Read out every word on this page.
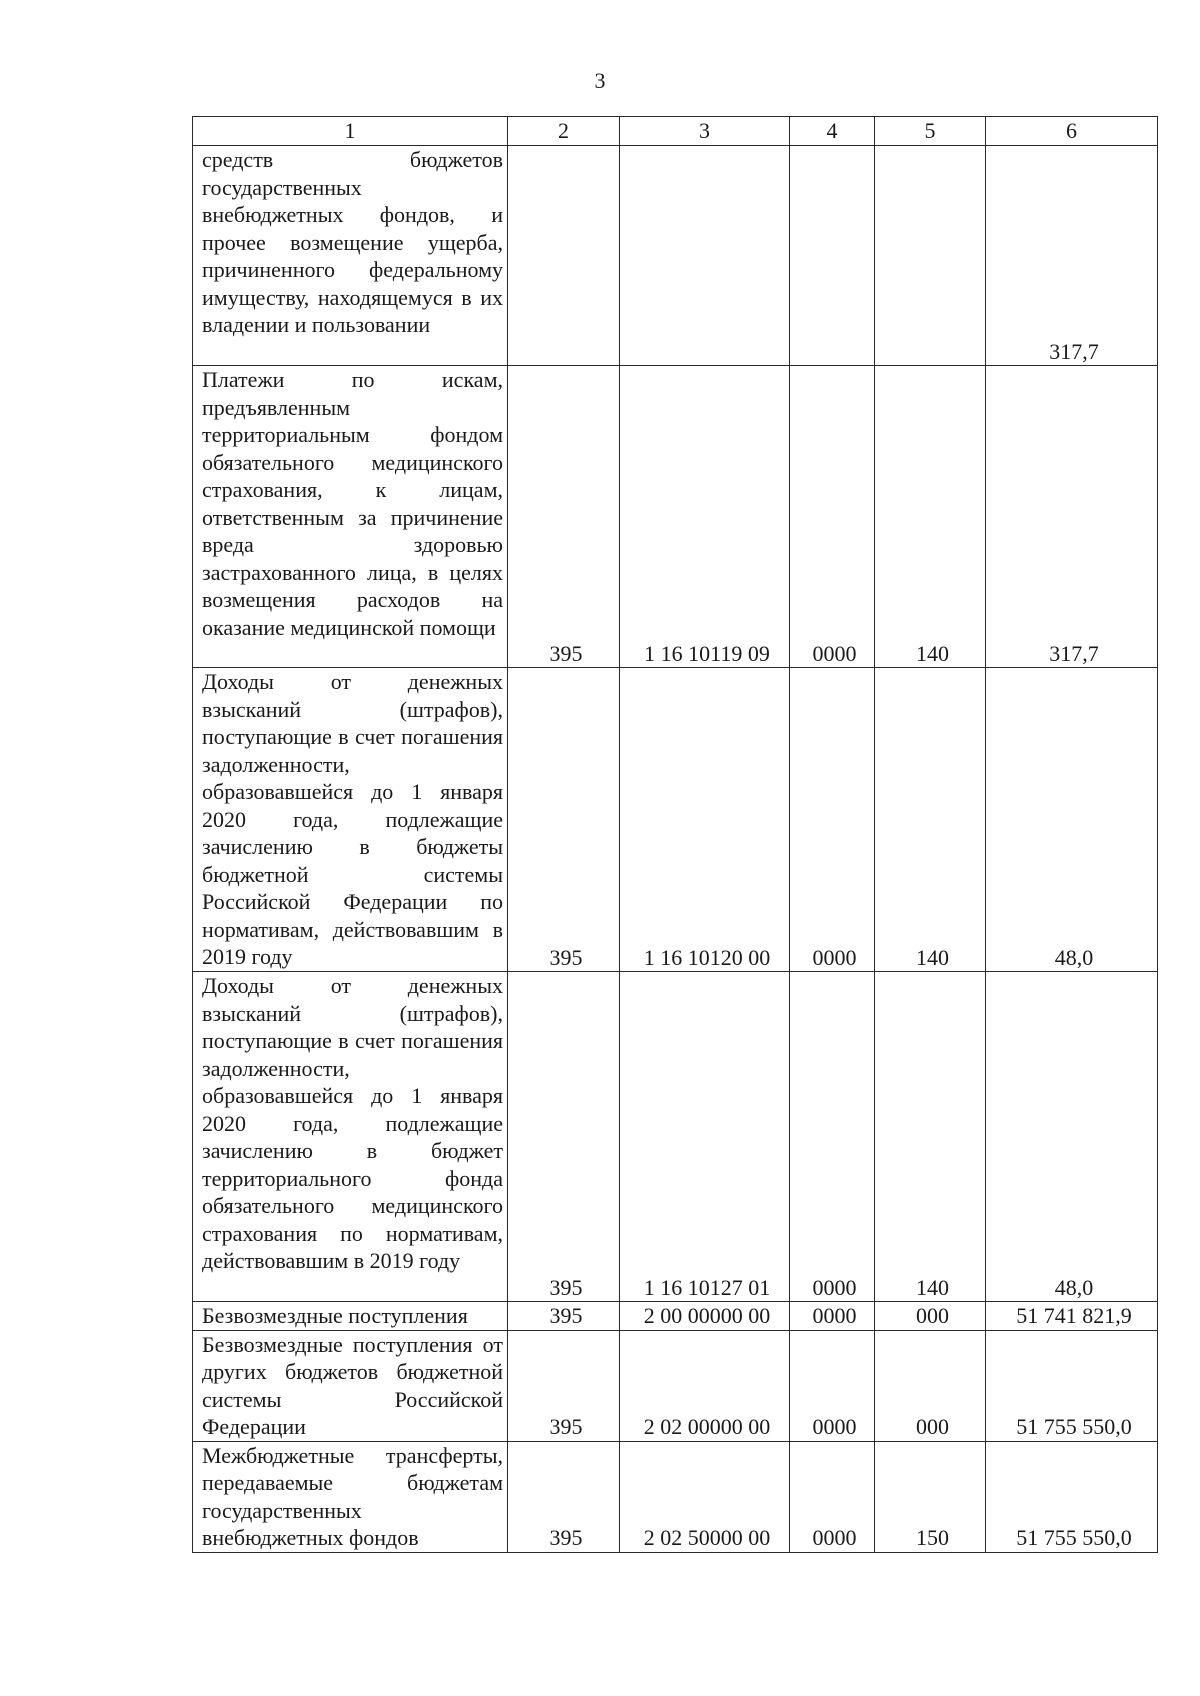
3
1	2	3	4	5	6
средств бюджетов государственных внебюджетных фондов, и прочее возмещение ущерба, причиненного федеральному имуществу, находящемуся в их владении и пользовании					317,7
Платежи по искам, предъявленным территориальным фондом обязательного медицинского страхования, к лицам, ответственным за причинение вреда здоровью застрахованного лица, в целях возмещения расходов на оказание медицинской помощи	395	1 16 10119 09	0000	140	317,7
Доходы от денежных взысканий (штрафов), поступающие в счет погашения задолженности, образовавшейся до 1 января 2020 года, подлежащие зачислению в бюджеты бюджетной системы Российской Федерации по нормативам, действовавшим в 2019 году	395	1 16 10120 00	0000	140	48,0
Доходы от денежных взысканий (штрафов), поступающие в счет погашения задолженности, образовавшейся до 1 января 2020 года, подлежащие зачислению в бюджет территориального фонда обязательного медицинского страхования по нормативам, действовавшим в 2019 году	395	1 16 10127 01	0000	140	48,0
Безвозмездные поступления	395	2 00 00000 00	0000	000	51 741 821,9
Безвозмездные поступления от других бюджетов бюджетной системы Российской Федерации	395	2 02 00000 00	0000	000	51 755 550,0
Межбюджетные трансферты, передаваемые бюджетам государственных внебюджетных фондов	395	2 02 50000 00	0000	150	51 755 550,0
